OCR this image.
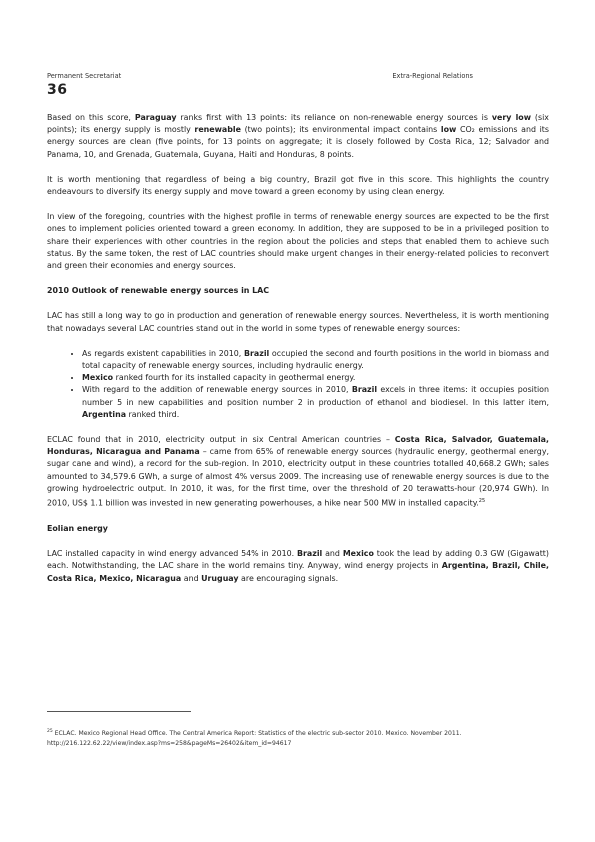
Permanent Secretariat	Extra-Regional Relations
36

Based on this score, Paraguay ranks first with 13 points: its reliance on non-renewable energy sources is very low (six points); its energy supply is mostly renewable (two points); its environmental impact contains low CO₂ emissions and its energy sources are clean (five points, for 13 points on aggregate; it is closely followed by Costa Rica, 12; Salvador and Panama, 10, and Grenada, Guatemala, Guyana, Haiti and Honduras, 8 points.

It is worth mentioning that regardless of being a big country, Brazil got five in this score. This highlights the country endeavours to diversify its energy supply and move toward a green economy by using clean energy.

In view of the foregoing, countries with the highest profile in terms of renewable energy sources are expected to be the first ones to implement policies oriented toward a green economy. In addition, they are supposed to be in a privileged position to share their experiences with other countries in the region about the policies and steps that enabled them to achieve such status. By the same token, the rest of LAC countries should make urgent changes in their energy-related policies to reconvert and green their economies and energy sources.

2010 Outlook of renewable energy sources in LAC

LAC has still a long way to go in production and generation of renewable energy sources. Nevertheless, it is worth mentioning that nowadays several LAC countries stand out in the world in some types of renewable energy sources:

• As regards existent capabilities in 2010, Brazil occupied the second and fourth positions in the world in biomass and total capacity of renewable energy sources, including hydraulic energy.
• Mexico ranked fourth for its installed capacity in geothermal energy.
• With regard to the addition of renewable energy sources in 2010, Brazil excels in three items: it occupies position number 5 in new capabilities and position number 2 in production of ethanol and biodiesel. In this latter item, Argentina ranked third.

ECLAC found that in 2010, electricity output in six Central American countries – Costa Rica, Salvador, Guatemala, Honduras, Nicaragua and Panama – came from 65% of renewable energy sources (hydraulic energy, geothermal energy, sugar cane and wind), a record for the sub-region. In 2010, electricity output in these countries totalled 40,668.2 GWh; sales amounted to 34,579.6 GWh, a surge of almost 4% versus 2009. The increasing use of renewable energy sources is due to the growing hydroelectric output. In 2010, it was, for the first time, over the threshold of 20 terawatts-hour (20,974 GWh). In 2010, US$ 1.1 billion was invested in new generating powerhouses, a hike near 500 MW in installed capacity.$^{25}$

Eolian energy

LAC installed capacity in wind energy advanced 54% in 2010. Brazil and Mexico took the lead by adding 0.3 GW (Gigawatt) each. Notwithstanding, the LAC share in the world remains tiny. Anyway, wind energy projects in Argentina, Brazil, Chile, Costa Rica, Mexico, Nicaragua and Uruguay are encouraging signals.

$^{25}$ ECLAC. Mexico Regional Head Office. The Central America Report: Statistics of the electric sub-sector 2010. Mexico. November 2011. http://216.122.62.22/view/index.asp?ms=258&pageMs=26402&item_id=94617
